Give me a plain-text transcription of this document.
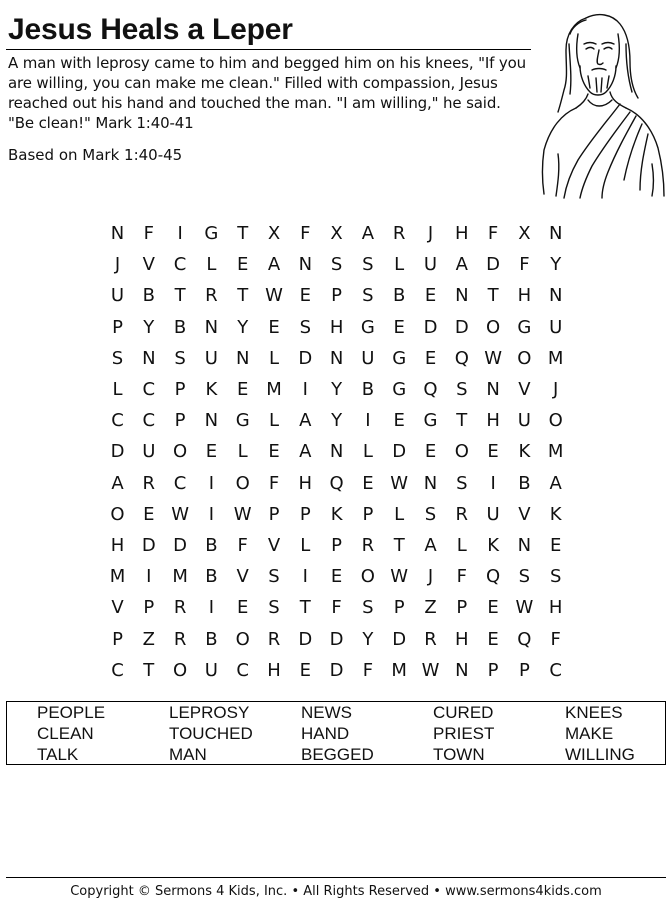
Jesus Heals a Leper

A man with leprosy came to him and begged him on his knees, "If you are willing, you can make me clean." Filled with compassion, Jesus reached out his hand and touched the man. "I am willing," he said. "Be clean!" Mark 1:40-41

Based on Mark 1:40-45

N	F	I	G	T	X	F	X	A	R	J	H	F	X	N
J	V	C	L	E	A	N	S	S	L	U	A	D	F	Y
U	B	T	R	T W E	P	S	B	E	N	T	H N
P	Y	B	N	Y	E	S	H G	E	D D O G U
S	N	S	U N	L	D N U G	E	Q W O M
L	C	P	K	E M	I	Y	B	G Q	S	N	V	J
C	C	P	N G	L	A	Y	I	E	G	T	H U O
D U O	E	L	E	A	N	L	D	E	O	E	K M
A	R	C	I	O	F	H Q	E W N	S	I	B	A
O	E W	I	W P	P	K	P	L	S	R	U	V	K
H D D	B	F	V	L	P	R	T	A	L	K	N	E
M	I	M B	V	S	I	E	O W	J	F	Q	S	S
V	P	R	I	E	S	T	F	S	P	Z	P	E W H
P	Z	R	B	O R	D D	Y	D	R	H	E	Q	F
C	T	O U	C	H	E	D	F	M W N	P	P	C
PEOPLE	LEPROSY	NEWS	CURED	KNEES
CLEAN	TOUCHED	HAND	PRIEST	MAKE
TALK	MAN	BEGGED	TOWN	WILLING
Copyright © Sermons 4 Kids, Inc. • All Rights Reserved • www.sermons4kids.com
